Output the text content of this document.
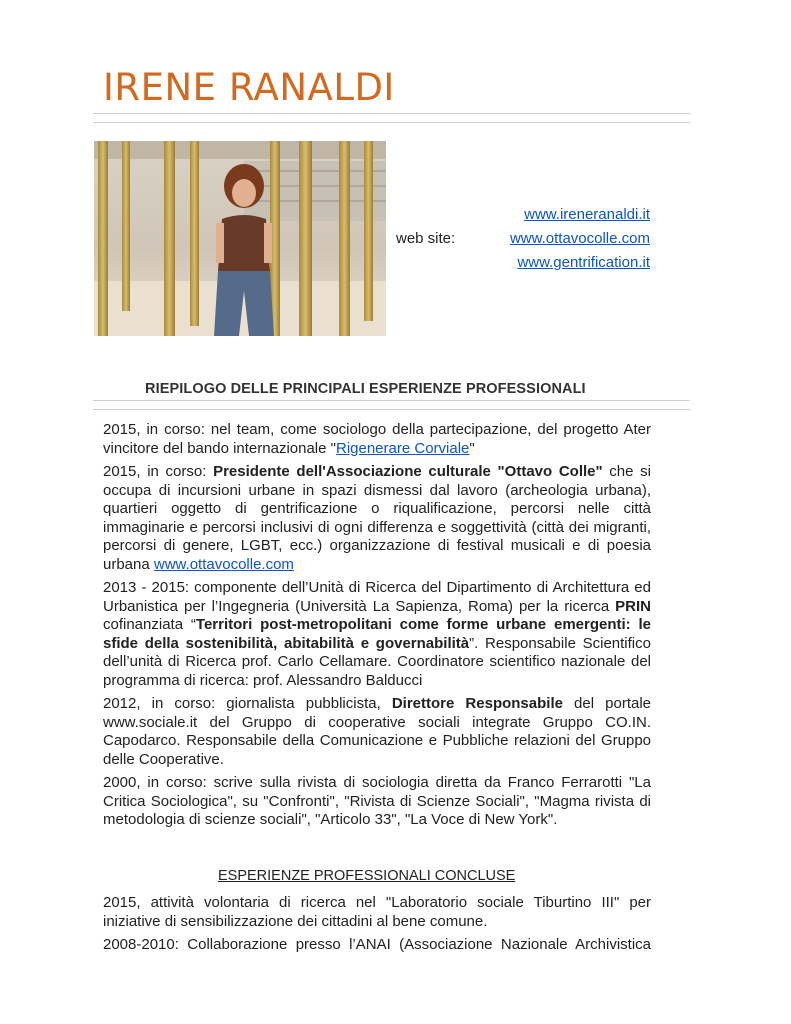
IRENE RANALDI
www.ireneranaldi.it
web site:	www.ottavocolle.com
www.gentrification.it
RIEPILOGO DELLE PRINCIPALI ESPERIENZE PROFESSIONALI

2015, in corso: nel team, come sociologo della partecipazione, del progetto Ater vincitore del bando internazionale "Rigenerare Corviale"

2015, in corso: Presidente dell'Associazione culturale "Ottavo Colle" che si occupa di incursioni urbane in spazi dismessi dal lavoro (archeologia urbana), quartieri oggetto di gentrificazione o riqualificazione, percorsi nelle città immaginarie e percorsi inclusivi di ogni differenza e soggettività (città dei migranti, percorsi di genere, LGBT, ecc.) organizzazione di festival musicali e di poesia urbana www.ottavocolle.com

2013 - 2015: componente dell’Unità di Ricerca del Dipartimento di Architettura ed Urbanistica per l’Ingegneria (Università La Sapienza, Roma) per la ricerca PRIN cofinanziata “Territori post-metropolitani come forme urbane emergenti: le sfide della sostenibilità, abitabilità e governabilità”. Responsabile Scientifico dell’unità di Ricerca prof. Carlo Cellamare. Coordinatore scientifico nazionale del programma di ricerca: prof. Alessandro Balducci

2012, in corso: giornalista pubblicista, Direttore Responsabile del portale www.sociale.it del Gruppo di cooperative sociali integrate Gruppo CO.IN. Capodarco. Responsabile della Comunicazione e Pubbliche relazioni del Gruppo delle Cooperative.

2000, in corso: scrive sulla rivista di sociologia diretta da Franco Ferrarotti "La Critica Sociologica", su "Confronti", "Rivista di Scienze Sociali", "Magma rivista di metodologia di scienze sociali", "Articolo 33", "La Voce di New York".

ESPERIENZE PROFESSIONALI CONCLUSE

2015, attività volontaria di ricerca nel "Laboratorio sociale Tiburtino III" per iniziative di sensibilizzazione dei cittadini al bene comune.

2008-2010: Collaborazione presso l’ANAI (Associazione Nazionale Archivistica
